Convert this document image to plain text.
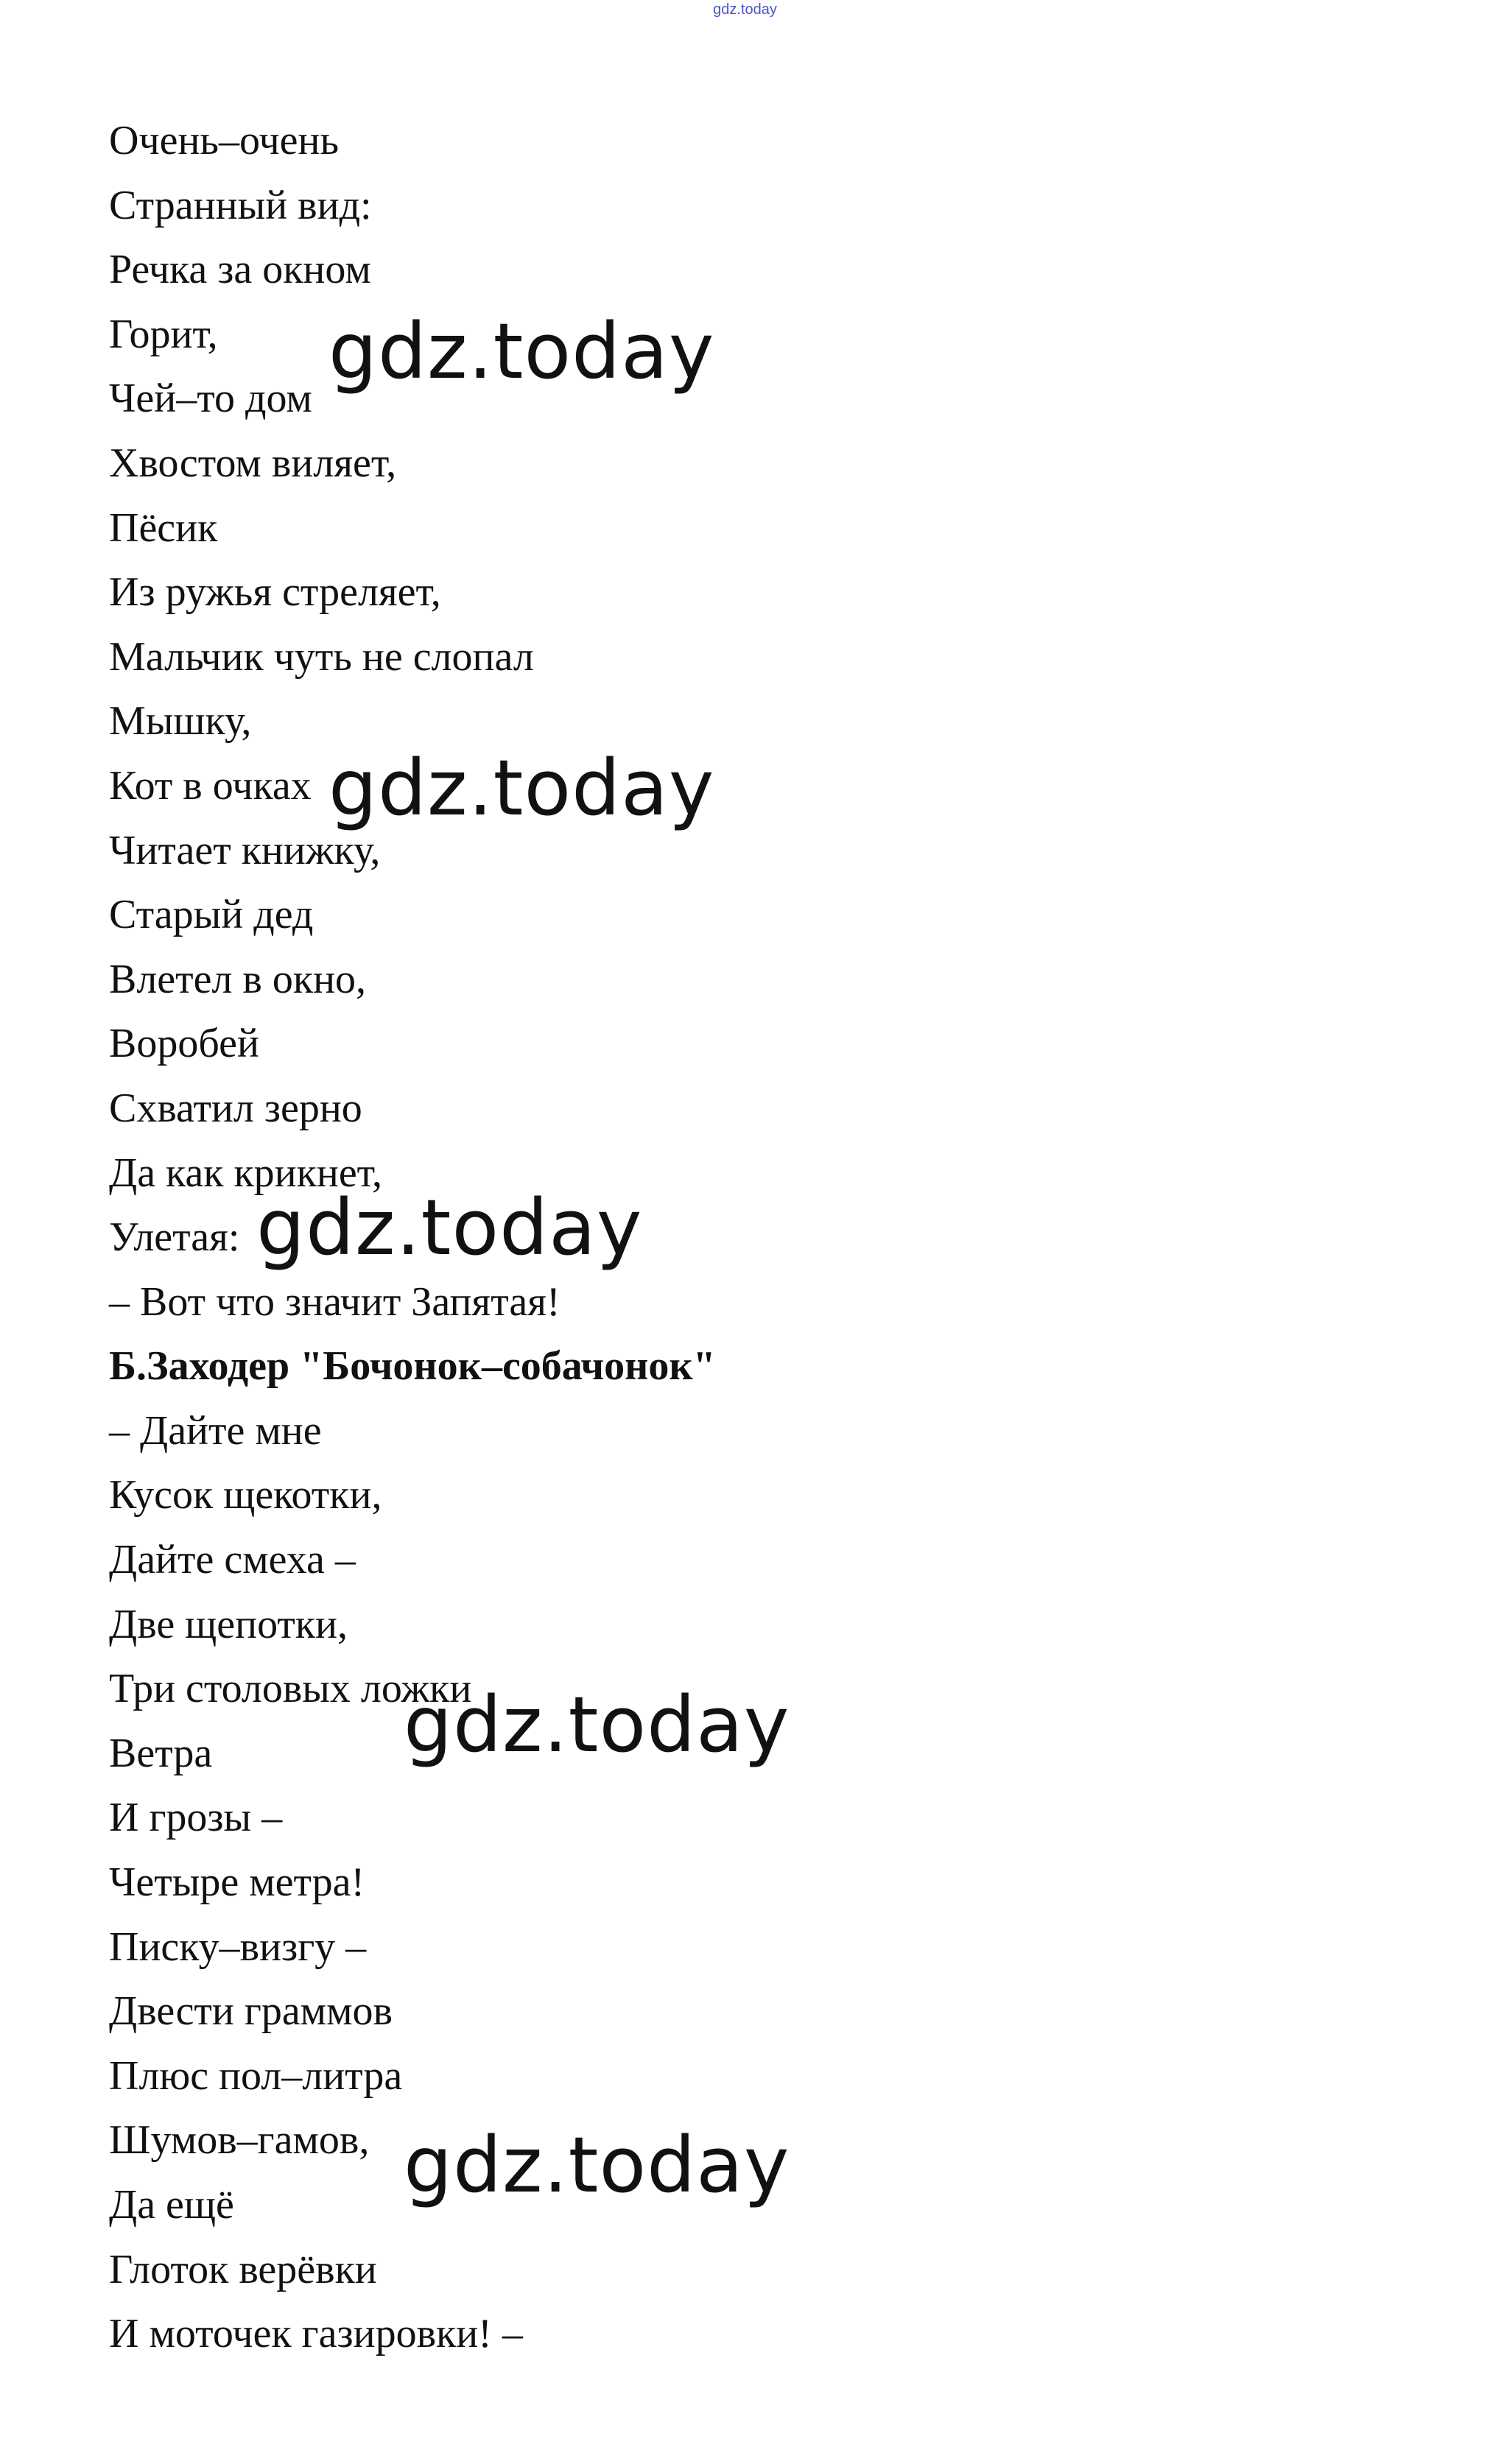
gdz.today
Очень–очень
Странный вид:
Речка за окном
Горит,
Чей–то дом
Хвостом виляет,
Пёсик
Из ружья стреляет,
Мальчик чуть не слопал
Мышку,
Кот в очках
Читает книжку,
Старый дед
Влетел в окно,
Воробей
Схватил зерно
Да как крикнет,
Улетая:
– Вот что значит Запятая!
Б.Заходер "Бочонок–собачонок"
– Дайте мне
Кусок щекотки,
Дайте смеха –
Две щепотки,
Три столовых ложки
Ветра
И грозы –
Четыре метра!
Писку–визгу –
Двести граммов
Плюс пол–литра
Шумов–гамов,
Да ещё
Глоток верёвки
И моточек газировки! –
gdz.today
gdz.today
gdz.today
gdz.today
gdz.today
